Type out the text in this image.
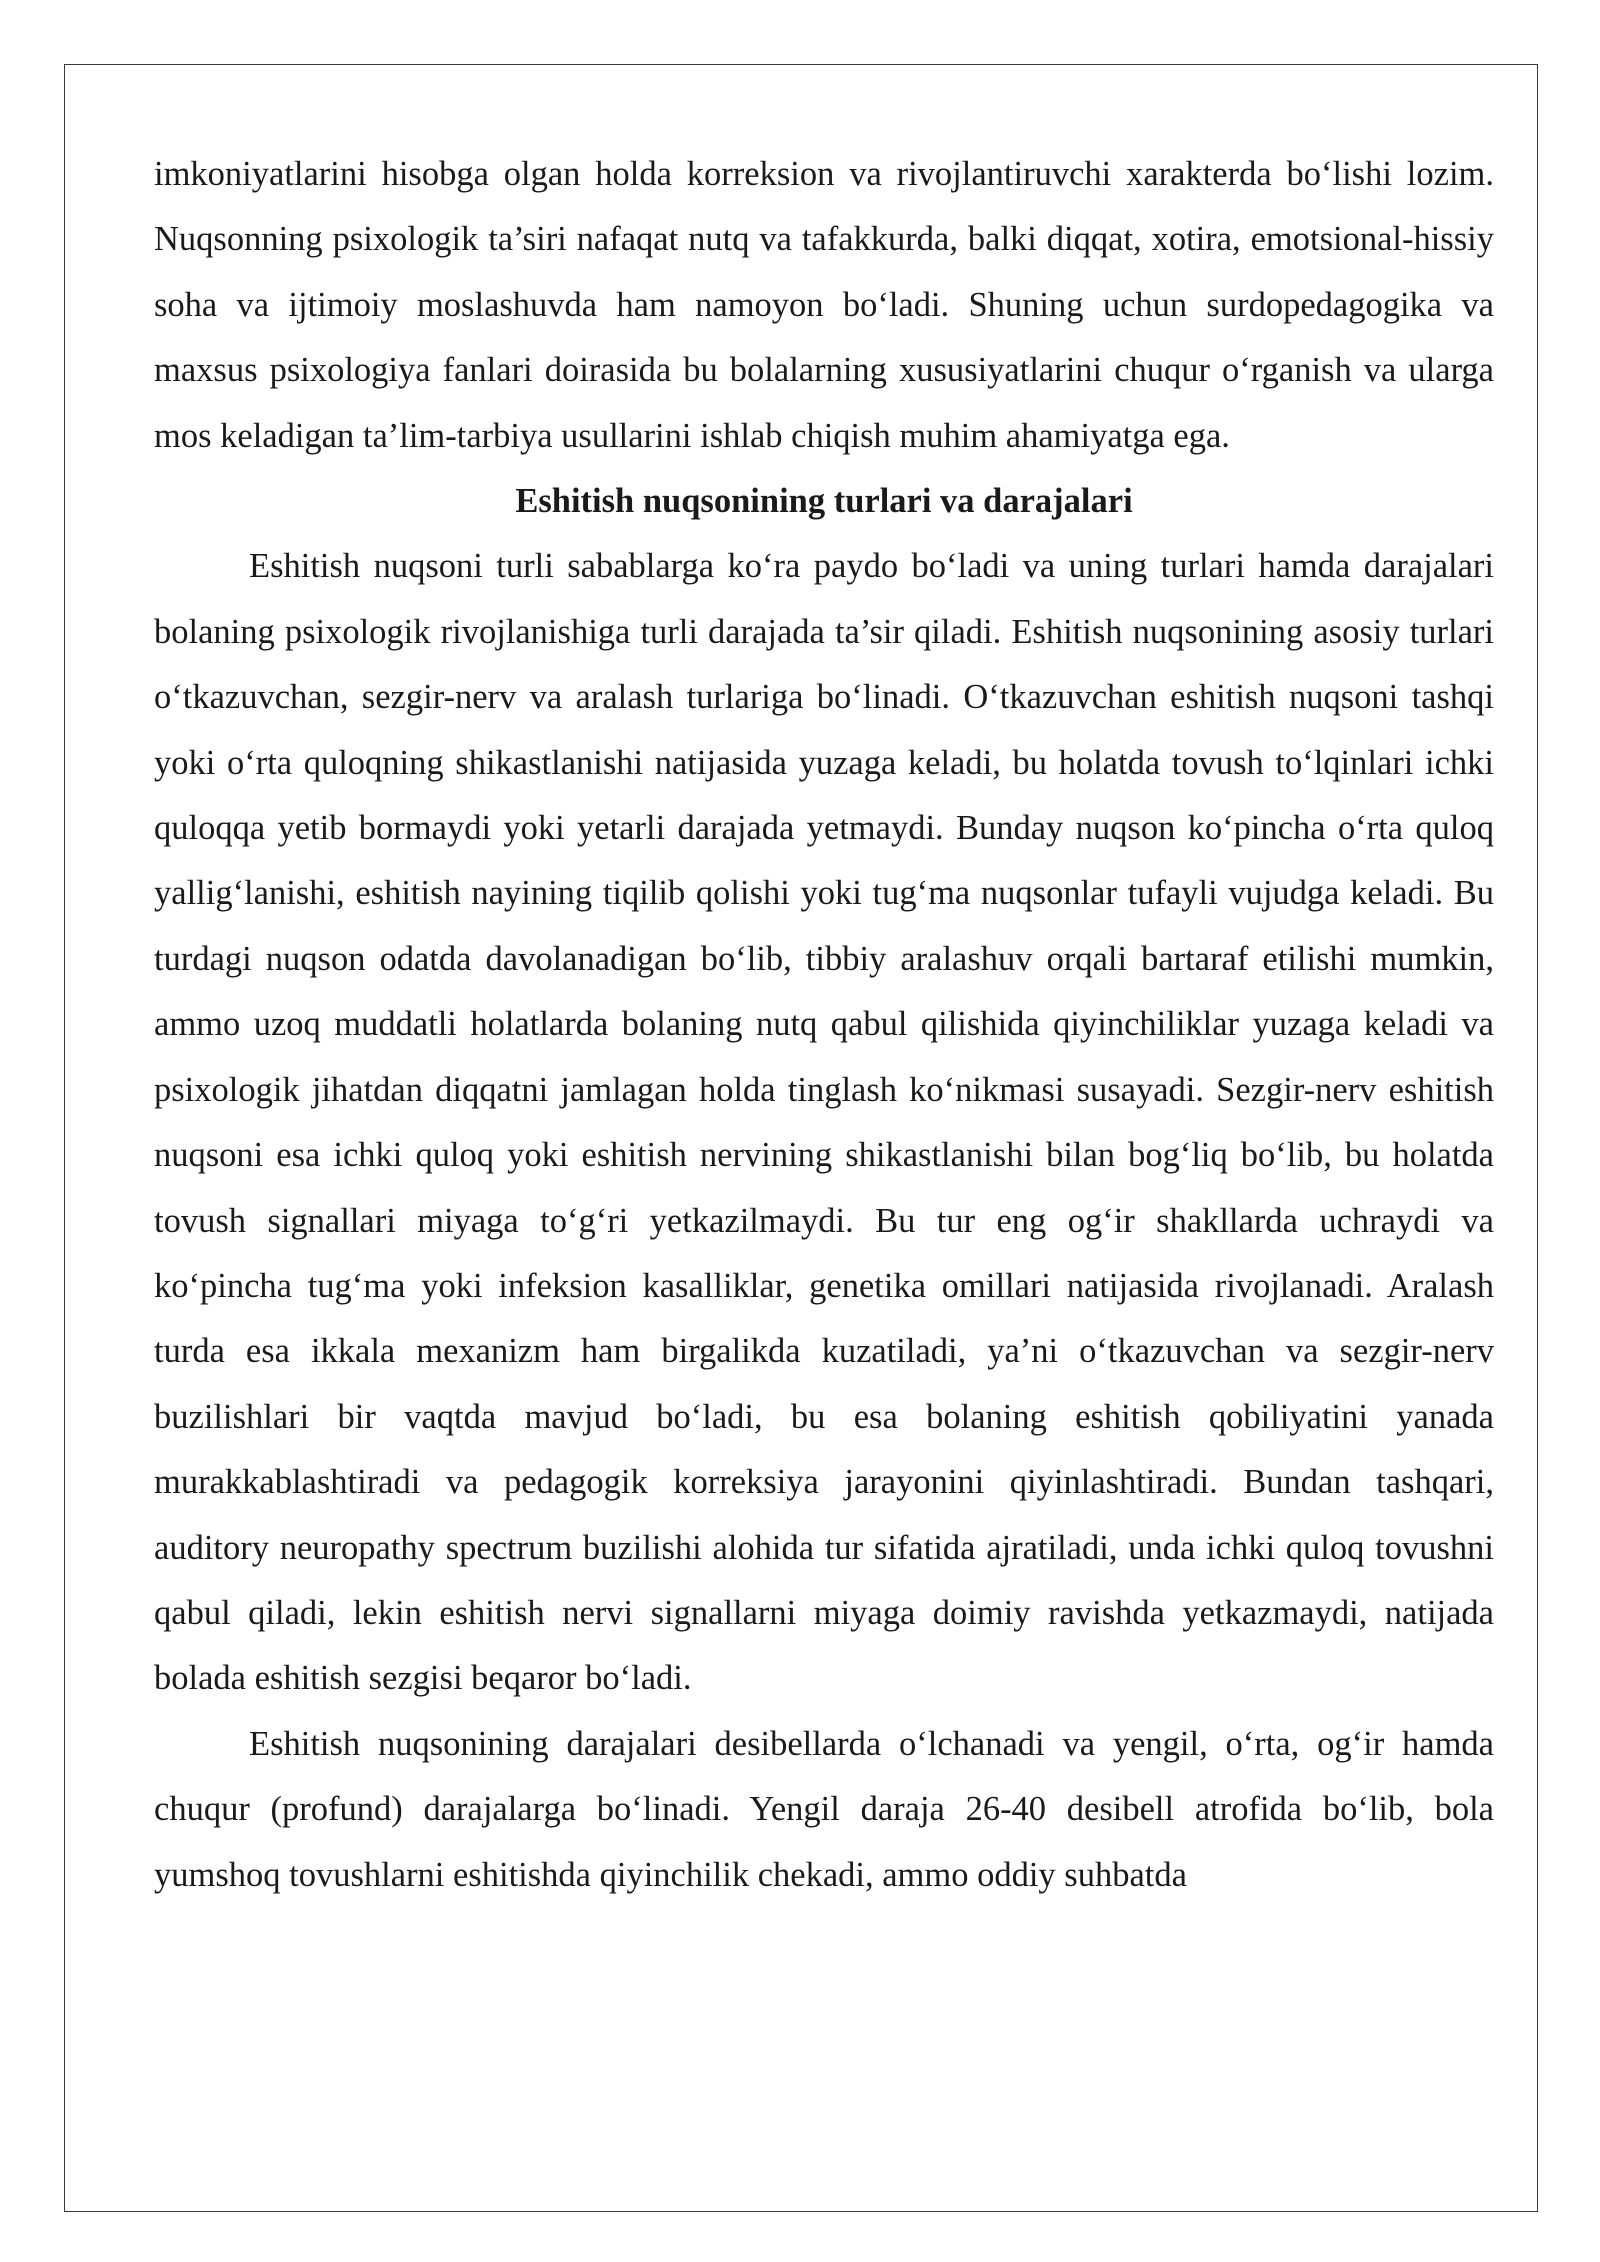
imkoniyatlarini hisobga olgan holda korreksion va rivojlantiruvchi xarakterda bo‘lishi lozim. Nuqsonning psixologik ta’siri nafaqat nutq va tafakkurda, balki diqqat, xotira, emotsional-hissiy soha va ijtimoiy moslashuvda ham namoyon bo‘ladi. Shuning uchun surdopedagogika va maxsus psixologiya fanlari doirasida bu bolalarning xususiyatlarini chuqur o‘rganish va ularga mos keladigan ta’lim-tarbiya usullarini ishlab chiqish muhim ahamiyatga ega.

Eshitish nuqsonining turlari va darajalari

Eshitish nuqsoni turli sabablarga ko‘ra paydo bo‘ladi va uning turlari hamda darajalari bolaning psixologik rivojlanishiga turli darajada ta’sir qiladi. Eshitish nuqsonining asosiy turlari o‘tkazuvchan, sezgir-nerv va aralash turlariga bo‘linadi. O‘tkazuvchan eshitish nuqsoni tashqi yoki o‘rta quloqning shikastlanishi natijasida yuzaga keladi, bu holatda tovush to‘lqinlari ichki quloqqa yetib bormaydi yoki yetarli darajada yetmaydi. Bunday nuqson ko‘pincha o‘rta quloq yallig‘lanishi, eshitish nayining tiqilib qolishi yoki tug‘ma nuqsonlar tufayli vujudga keladi. Bu turdagi nuqson odatda davolanadigan bo‘lib, tibbiy aralashuv orqali bartaraf etilishi mumkin, ammo uzoq muddatli holatlarda bolaning nutq qabul qilishida qiyinchiliklar yuzaga keladi va psixologik jihatdan diqqatni jamlagan holda tinglash ko‘nikmasi susayadi. Sezgir-nerv eshitish nuqsoni esa ichki quloq yoki eshitish nervining shikastlanishi bilan bog‘liq bo‘lib, bu holatda tovush signallari miyaga to‘g‘ri yetkazilmaydi. Bu tur eng og‘ir shakllarda uchraydi va ko‘pincha tug‘ma yoki infeksion kasalliklar, genetika omillari natijasida rivojlanadi. Aralash turda esa ikkala mexanizm ham birgalikda kuzatiladi, ya’ni o‘tkazuvchan va sezgir-nerv buzilishlari bir vaqtda mavjud bo‘ladi, bu esa bolaning eshitish qobiliyatini yanada murakkablashtiradi va pedagogik korreksiya jarayonini qiyinlashtiradi. Bundan tashqari, auditory neuropathy spectrum buzilishi alohida tur sifatida ajratiladi, unda ichki quloq tovushni qabul qiladi, lekin eshitish nervi signallarni miyaga doimiy ravishda yetkazmaydi, natijada bolada eshitish sezgisi beqaror bo‘ladi.

Eshitish nuqsonining darajalari desibellarda o‘lchanadi va yengil, o‘rta, og‘ir hamda chuqur (profund) darajalarga bo‘linadi. Yengil daraja 26-40 desibell atrofida bo‘lib, bola yumshoq tovushlarni eshitishda qiyinchilik chekadi, ammo oddiy suhbatda
